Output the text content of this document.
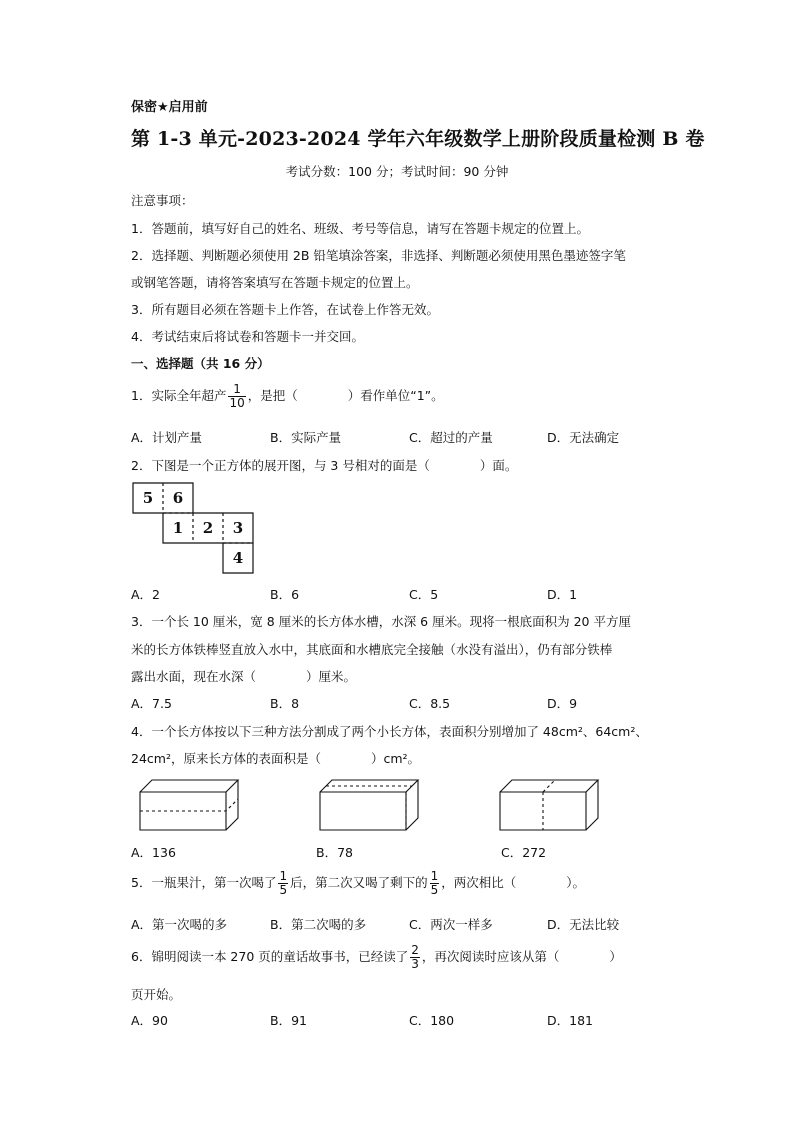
保密★启用前
第 1-3 单元-2023-2024 学年六年级数学上册阶段质量检测 B 卷
考试分数：100 分；考试时间：90 分钟
注意事项：
1．答题前，填写好自己的姓名、班级、考号等信息，请写在答题卡规定的位置上。
2．选择题、判断题必须使用 2B 铅笔填涂答案，非选择、判断题必须使用黑色墨迹签字笔
或钢笔答题，请将答案填写在答题卡规定的位置上。
3．所有题目必须在答题卡上作答，在试卷上作答无效。
4．考试结束后将试卷和答题卡一并交回。
一、选择题（共 16 分）
1．实际全年超产 $\frac{1}{10}$ ，是把（　　　　）看作单位“1”。
A．计划产量	B．实际产量	C．超过的产量	D．无法确定
2．下图是一个正方体的展开图，与 3 号相对的面是（　　　　）面。
5	6
1	2	3
4
A．2	B．6	C．5	D．1
3．一个长 10 厘米，宽 8 厘米的长方体水槽，水深 6 厘米。现将一根底面积为 20 平方厘
米的长方体铁棒竖直放入水中，其底面和水槽底完全接触（水没有溢出），仍有部分铁棒
露出水面，现在水深（　　　　）厘米。
A．7.5	B．8	C．8.5	D．9
4．一个长方体按以下三种方法分割成了两个小长方体，表面积分别增加了 48cm²、64cm²、
24cm²，原来长方体的表面积是（　　　　）cm²。
A．136	B．78	C．272
5．一瓶果汁，第一次喝了 $\frac{1}{5}$ 后，第二次又喝了剩下的 $\frac{1}{5}$ ，两次相比（　　　　）。
A．第一次喝的多	B．第二次喝的多	C．两次一样多	D．无法比较
6．锦明阅读一本 270 页的童话故事书，已经读了 $\frac{2}{3}$ ，再次阅读时应该从第（　　　　）
页开始。
A．90	B．91	C．180	D．181
